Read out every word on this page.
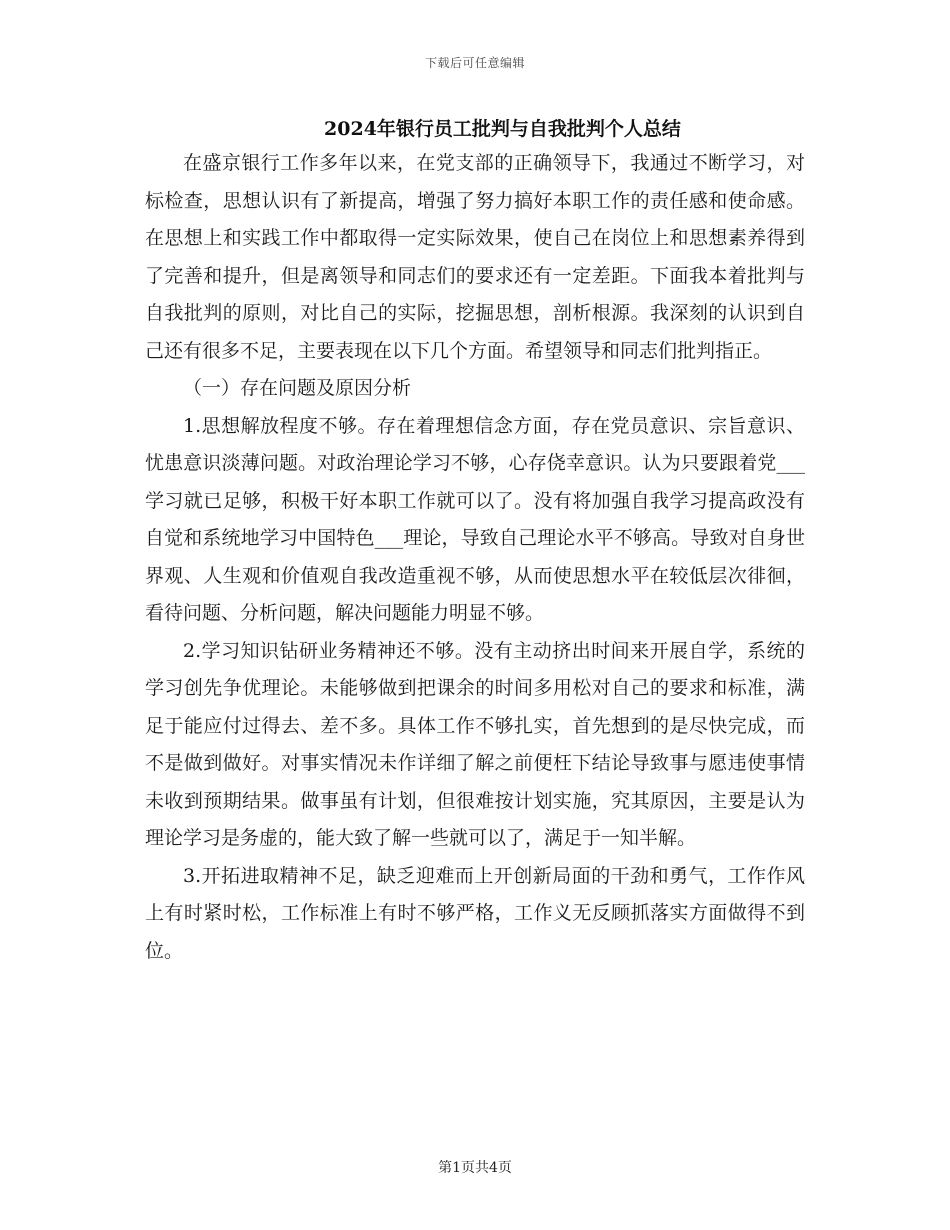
下载后可任意编辑
2024年银行员工批判与自我批判个人总结

在盛京银行工作多年以来，在党支部的正确领导下，我通过不断学习，对标检查，思想认识有了新提高，增强了努力搞好本职工作的责任感和使命感。在思想上和实践工作中都取得一定实际效果，使自己在岗位上和思想素养得到了完善和提升，但是离领导和同志们的要求还有一定差距。下面我本着批判与自我批判的原则，对比自己的实际，挖掘思想，剖析根源。我深刻的认识到自己还有很多不足，主要表现在以下几个方面。希望领导和同志们批判指正。

（一）存在问题及原因分析

1.思想解放程度不够。存在着理想信念方面，存在党员意识、宗旨意识、忧患意识淡薄问题。对政治理论学习不够，心存侥幸意识。认为只要跟着党___学习就已足够，积极干好本职工作就可以了。没有将加强自我学习提高政没有自觉和系统地学习中国特色___理论，导致自己理论水平不够高。导致对自身世界观、人生观和价值观自我改造重视不够，从而使思想水平在较低层次徘徊，看待问题、分析问题，解决问题能力明显不够。

2.学习知识钻研业务精神还不够。没有主动挤出时间来开展自学，系统的学习创先争优理论。未能够做到把课余的时间多用松对自己的要求和标准，满足于能应付过得去、差不多。具体工作不够扎实，首先想到的是尽快完成，而不是做到做好。对事实情况未作详细了解之前便枉下结论导致事与愿违使事情未收到预期结果。做事虽有计划，但很难按计划实施，究其原因，主要是认为理论学习是务虚的，能大致了解一些就可以了，满足于一知半解。

3.开拓进取精神不足，缺乏迎难而上开创新局面的干劲和勇气，工作作风上有时紧时松，工作标准上有时不够严格，工作义无反顾抓落实方面做得不到位。

第1页共4页
